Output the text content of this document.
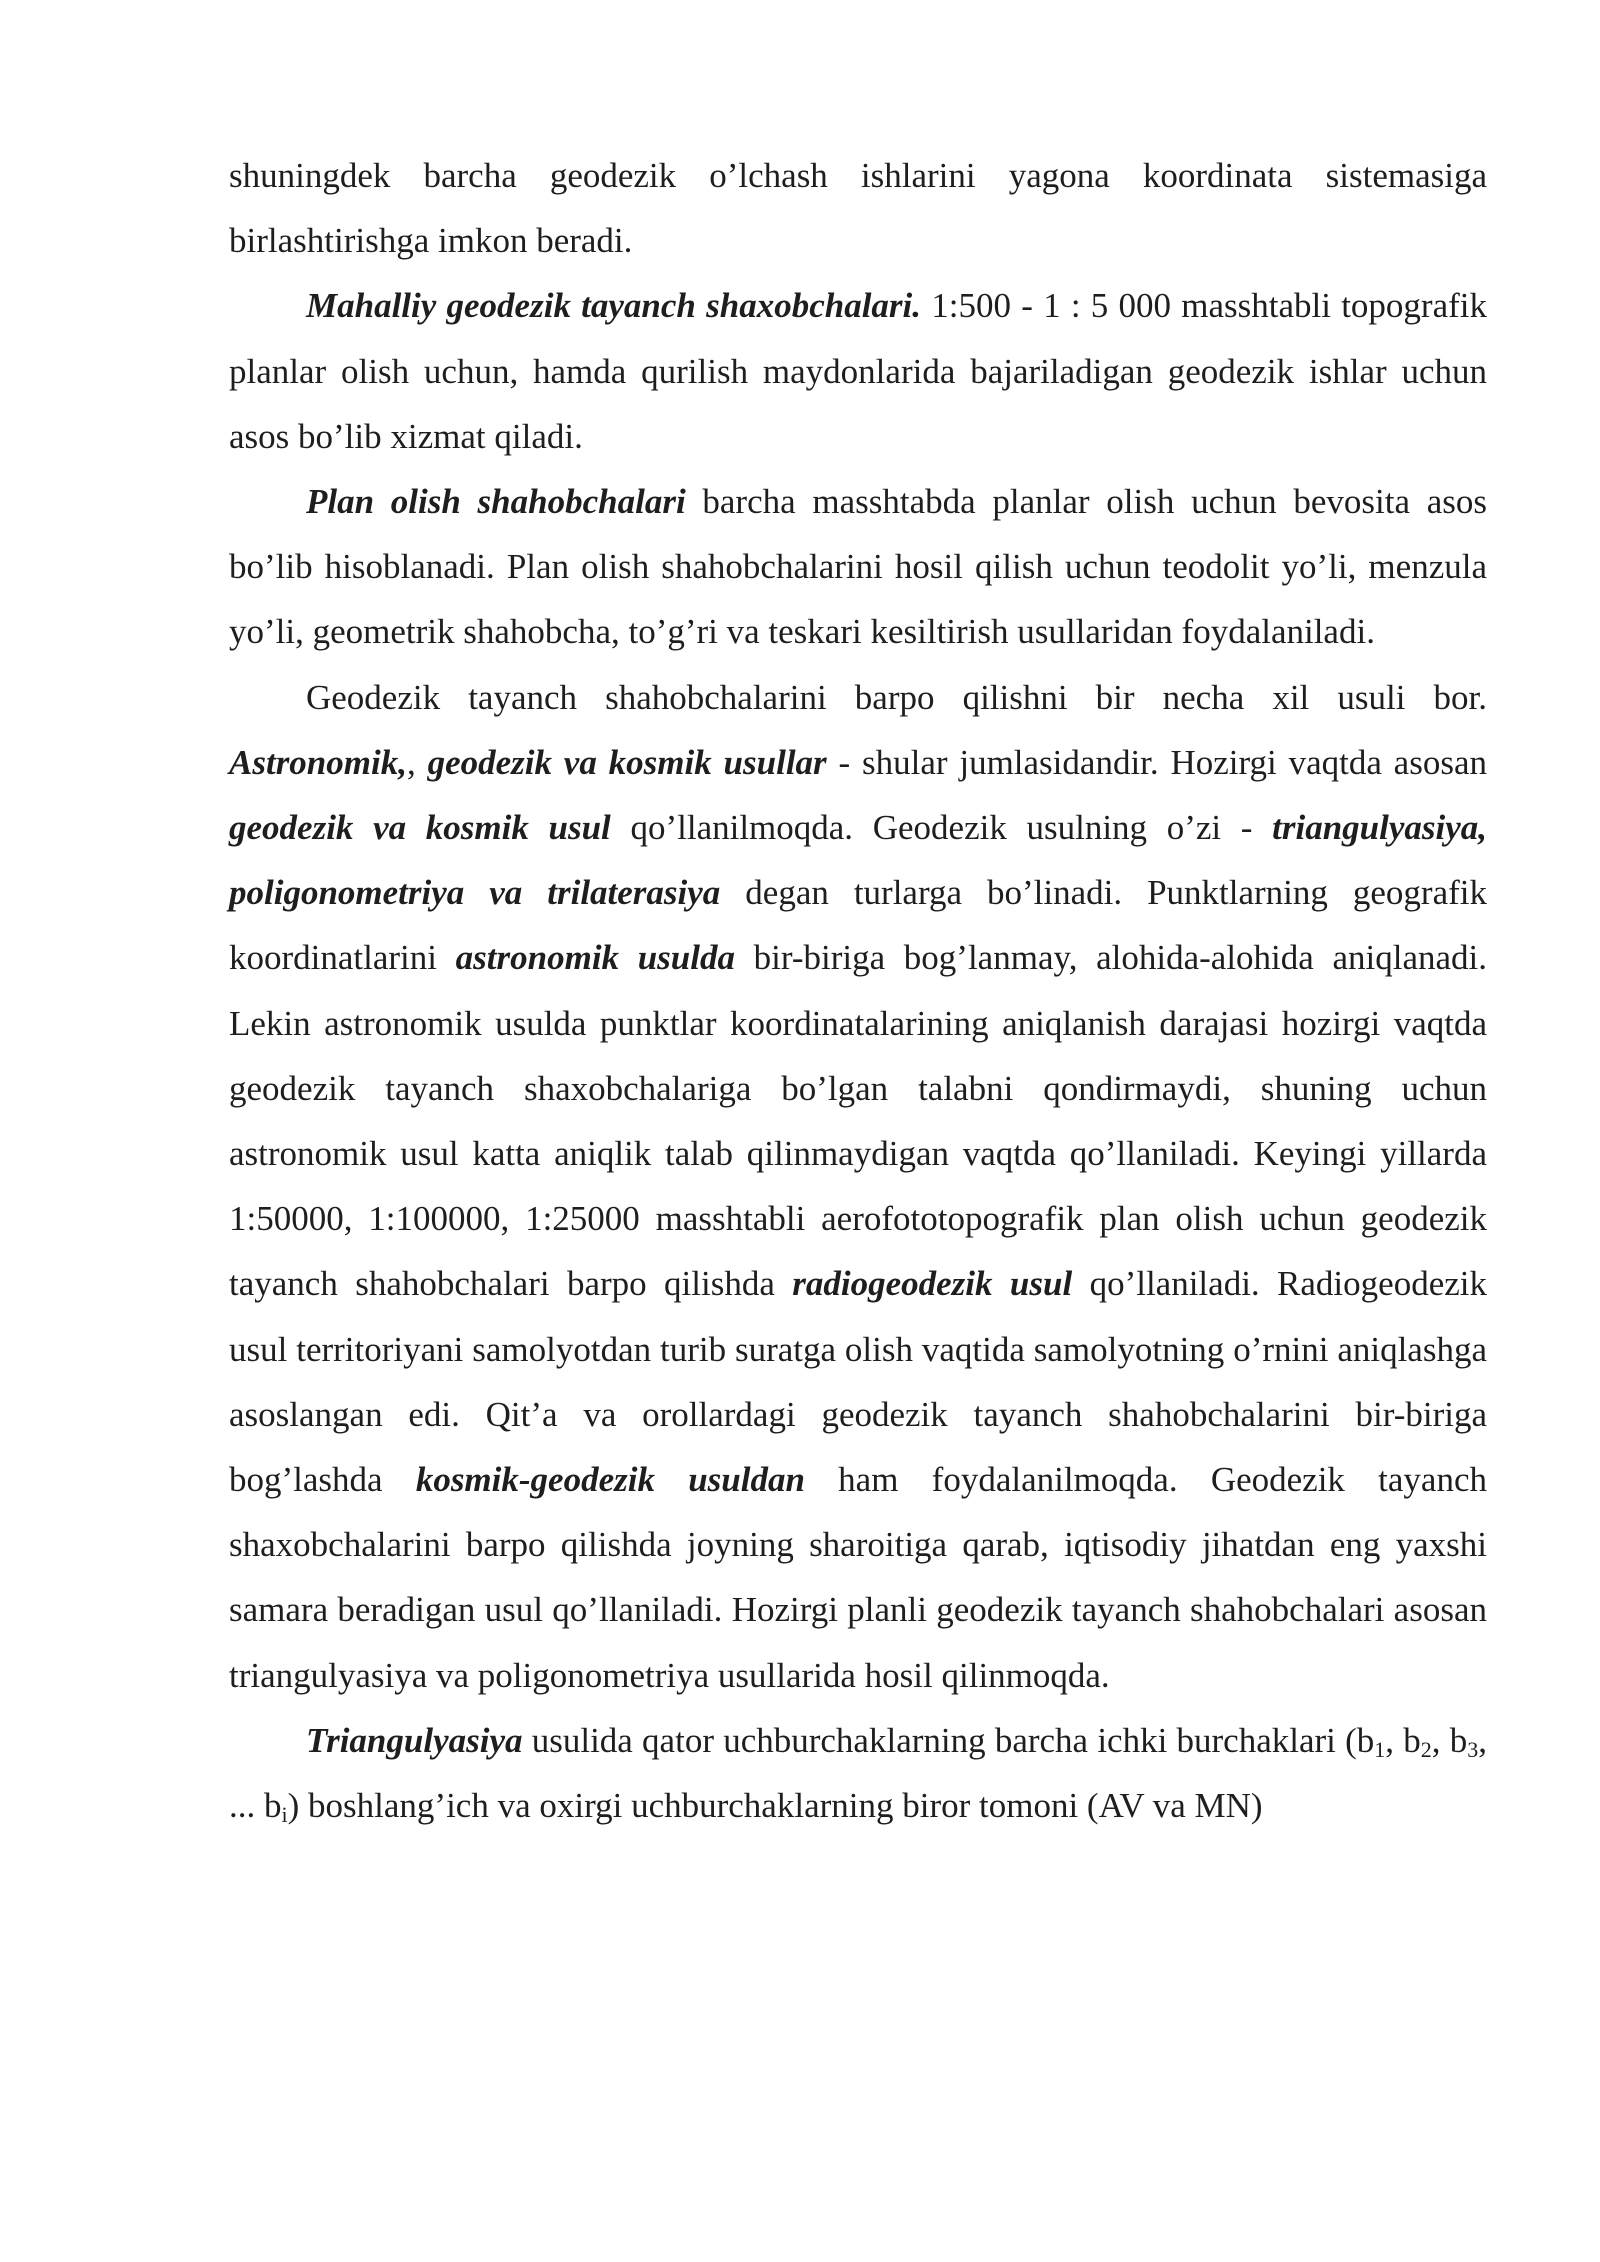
shuningdek barcha geodezik o’lchash ishlarini yagona koordinata sistemasiga birlashtirishga imkon beradi.

Mahalliy geodezik tayanch shaxobchalari. 1:500 - 1 : 5 000 masshtabli topografik planlar olish uchun, hamda qurilish maydonlarida bajariladigan geodezik ishlar uchun asos bo’lib xizmat qiladi.

Plan olish shahobchalari barcha masshtabda planlar olish uchun bevosita asos bo’lib hisoblanadi. Plan olish shahobchalarini hosil qilish uchun teodolit yo’li, menzula yo’li, geometrik shahobcha, to’g’ri va teskari kesiltirish usullaridan foydalaniladi.

Geodezik tayanch shahobchalarini barpo qilishni bir necha xil usuli bor. Astronomik,, geodezik va kosmik usullar - shular jumlasidandir. Hozirgi vaqtda asosan geodezik va kosmik usul qo’llanilmoqda. Geodezik usulning o’zi - triangulyasiya, poligonometriya va trilaterasiya degan turlarga bo’linadi. Punktlarning geografik koordinatlarini astronomik usulda bir-biriga bog’lanmay, alohida-alohida aniqlanadi. Lekin astronomik usulda punktlar koordinatalarining aniqlanish darajasi hozirgi vaqtda geodezik tayanch shaxobchalariga bo’lgan talabni qondirmaydi, shuning uchun astronomik usul katta aniqlik talab qilinmaydigan vaqtda qo’llaniladi. Keyingi yillarda 1:50000, 1:100000, 1:25000 masshtabli aerofototopografik plan olish uchun geodezik tayanch shahobchalari barpo qilishda radiogeodezik usul qo’llaniladi. Radiogeodezik usul territoriyani samolyotdan turib suratga olish vaqtida samolyotning o’rnini aniqlashga asoslangan edi. Qit’a va orollardagi geodezik tayanch shahobchalarini bir-biriga bog’lashda kosmik-geodezik usuldan ham foydalanilmoqda. Geodezik tayanch shaxobchalarini barpo qilishda joyning sharoitiga qarab, iqtisodiy jihatdan eng yaxshi samara beradigan usul qo’llaniladi. Hozirgi planli geodezik tayanch shahobchalari asosan triangulyasiya va poligonometriya usullarida hosil qilinmoqda.

Triangulyasiya usulida qator uchburchaklarning barcha ichki burchaklari ($b_1$, $b_2$, $b_3$, ... $b_i$) boshlang’ich va oxirgi uchburchaklarning biror tomoni (AV va MN)
